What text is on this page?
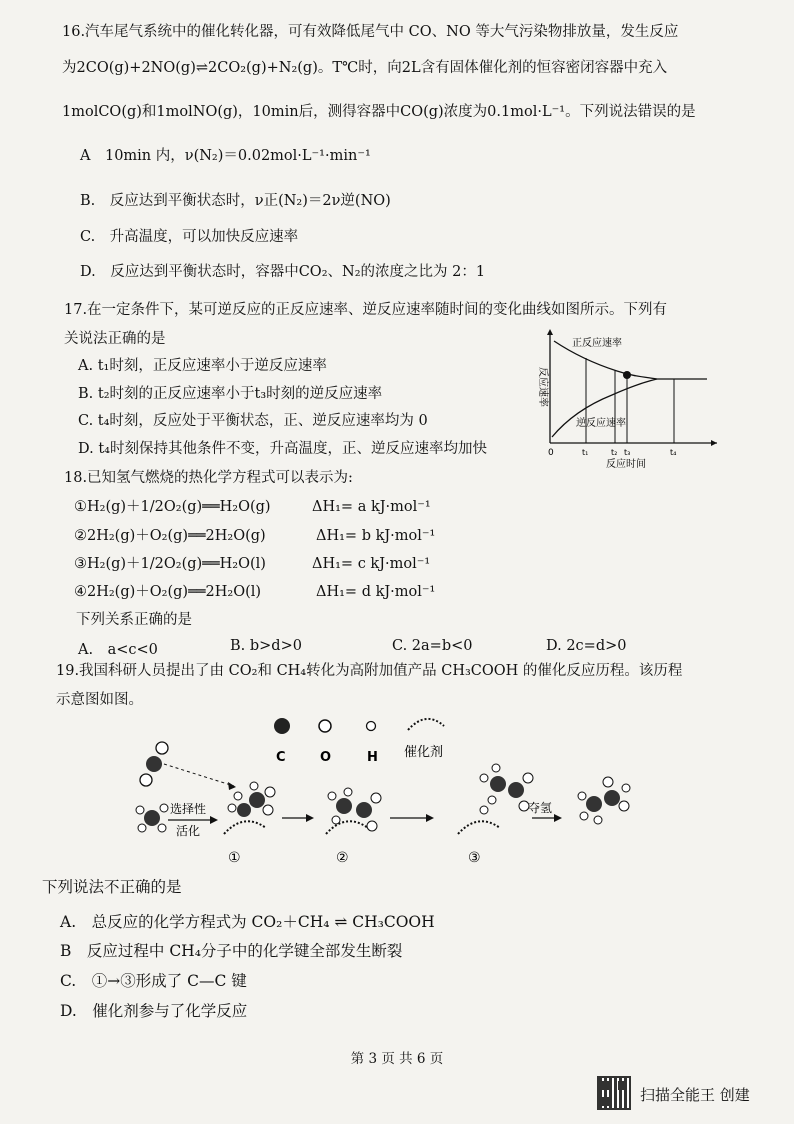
16.汽车尾气系统中的催化转化器，可有效降低尾气中 CO、NO 等大气污染物排放量，发生反应
为2CO(g)+2NO(g)⇌2CO₂(g)+N₂(g)。T℃时，向2L含有固体催化剂的恒容密闭容器中充入
1molCO(g)和1molNO(g)，10min后，测得容器中CO(g)浓度为0.1mol·L⁻¹。下列说法错误的是
A　10min 内，ν(N₂)＝0.02mol·L⁻¹·min⁻¹
B.　反应达到平衡状态时，ν正(N₂)＝2ν逆(NO)
C.　升高温度，可以加快反应速率
D.　反应达到平衡状态时，容器中CO₂、N₂的浓度之比为 2：1
17.在一定条件下，某可逆反应的正反应速率、逆反应速率随时间的变化曲线如图所示。下列有
关说法正确的是
A. t₁时刻，正反应速率小于逆反应速率
B. t₂时刻的正反应速率小于t₃时刻的逆反应速率
C. t₄时刻，反应处于平衡状态，正、逆反应速率均为 0
D. t₄时刻保持其他条件不变，升高温度，正、逆反应速率均加快
正反应速率
逆反应速率
反应速率
0	t₁	t₂ t₃	t₄
反应时间
18.已知氢气燃烧的热化学方程式可以表示为:
①H₂(g)＋1/2O₂(g)══H₂O(g)	ΔH₁= a kJ·mol⁻¹
②2H₂(g)＋O₂(g)══2H₂O(g)	ΔH₁= b kJ·mol⁻¹
③H₂(g)＋1/2O₂(g)══H₂O(l)	ΔH₁= c kJ·mol⁻¹
④2H₂(g)＋O₂(g)══2H₂O(l)	ΔH₁= d kJ·mol⁻¹
下列关系正确的是
A.　a<c<0	B. b>d>0	C. 2a=b<0	D. 2c=d>0
19.我国科研人员提出了由 CO₂和 CH₄转化为高附加值产品 CH₃COOH 的催化反应历程。该历程
示意图如图。
C	O	H 催化剂
选择性
活化
①	②	③
夺氢
下列说法不正确的是
A.　总反应的化学方程式为 CO₂＋CH₄ ⇌ CH₃COOH
B　反应过程中 CH₄分子中的化学键全部发生断裂
C.　①→③形成了 C—C 键
D.　催化剂参与了化学反应
第 3 页 共 6 页
扫描全能王 创建
